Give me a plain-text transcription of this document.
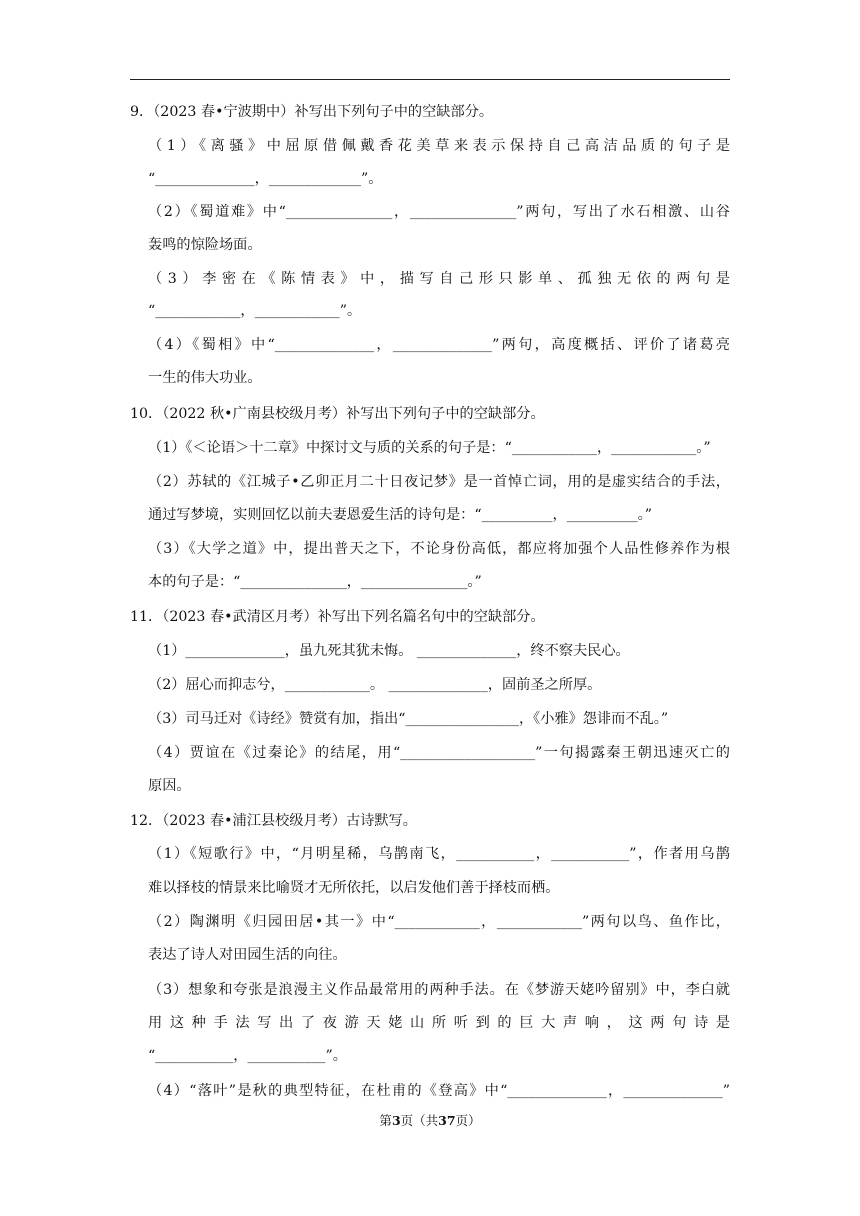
9．（2023 春•宁波期中）补写出下列句子中的空缺部分。
（1）《离骚》中屈原借佩戴香花美草来表示保持自己高洁品质的句子是
“______________，_____________”。
（2）《蜀道难》中“_______________，_______________”两句，写出了水石相激、山谷
轰鸣的惊险场面。
（3）李密在《陈情表》中，描写自己形只影单、孤独无依的两句是
“____________，____________”。
（4）《蜀相》中“______________，______________”两句，高度概括、评价了诸葛亮
一生的伟大功业。
10．（2022 秋•广南县校级月考）补写出下列句子中的空缺部分。
（1）《＜论语＞十二章》中探讨文与质的关系的句子是：“____________，____________。”
（2）苏轼的《江城子•乙卯正月二十日夜记梦》是一首悼亡词，用的是虚实结合的手法，
通过写梦境，实则回忆以前夫妻恩爱生活的诗句是：“__________，__________。”
（3）《大学之道》中，提出普天之下，不论身份高低，都应将加强个人品性修养作为根
本的句子是：“_______________，_______________。”
11．（2023 春•武清区月考）补写出下列名篇名句中的空缺部分。
（1）______________，虽九死其犹未悔。 ______________，终不察夫民心。
（2）屈心而抑志兮，____________。 ______________，固前圣之所厚。
（3）司马迁对《诗经》赞赏有加，指出“________________，《小雅》怨诽而不乱。”
（4）贾谊在《过秦论》的结尾，用“___________________”一句揭露秦王朝迅速灭亡的
原因。
12．（2023 春•浦江县校级月考）古诗默写。
（1）《短歌行》中，“月明星稀，乌鹊南飞，___________，___________”，作者用乌鹊
难以择枝的情景来比喻贤才无所依托，以启发他们善于择枝而栖。
（2）陶渊明《归园田居•其一》中“____________，____________”两句以鸟、鱼作比，
表达了诗人对田园生活的向往。
（3）想象和夸张是浪漫主义作品最常用的两种手法。在《梦游天姥吟留别》中，李白就
用这种手法写出了夜游天姥山所听到的巨大声响，这两句诗是
“___________，___________”。
（4）“落叶”是秋的典型特征，在杜甫的《登高》中“______________，______________”
第3页（共37页）
